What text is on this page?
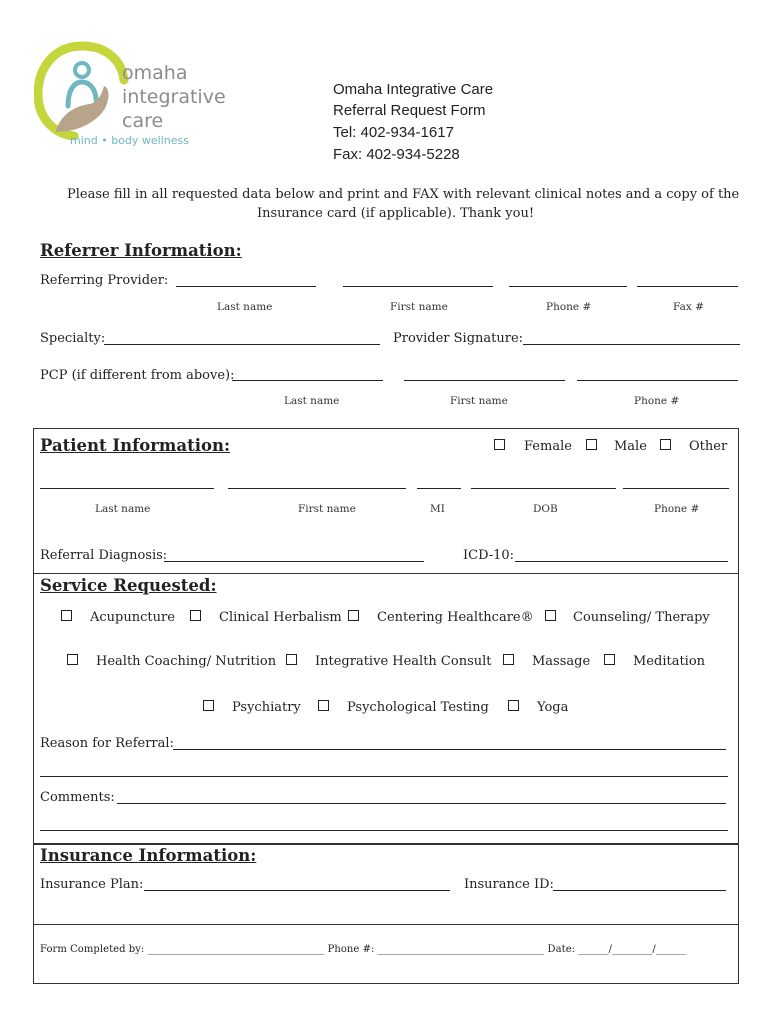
omaha
integrative
care
mind • body wellness
Omaha Integrative Care
Referral Request Form
Tel: 402-934-1617
Fax: 402-934-5228
Please fill in all requested data below and print and FAX with relevant clinical notes and a copy of the
Insurance card (if applicable). Thank you!
Referrer Information:
Referring Provider:
Last name	First name	Phone #	Fax #
Specialty:	Provider Signature:
PCP (if different from above):
Last name	First name	Phone #
Patient Information:	Female	Male	Other
Last name	First name	MI	DOB	Phone #
Referral Diagnosis:	ICD-10:
Service Requested:
Acupuncture	Clinical Herbalism	Centering Healthcare®	Counseling/ Therapy
Health Coaching/ Nutrition	Integrative Health Consult	Massage	Meditation
Psychiatry	Psychological Testing	Yoga
Reason for Referral:
Comments:
Insurance Information:
Insurance Plan:	Insurance ID:
Form Completed by: ___________________________________ Phone #: _________________________________ Date: ______/________/______
